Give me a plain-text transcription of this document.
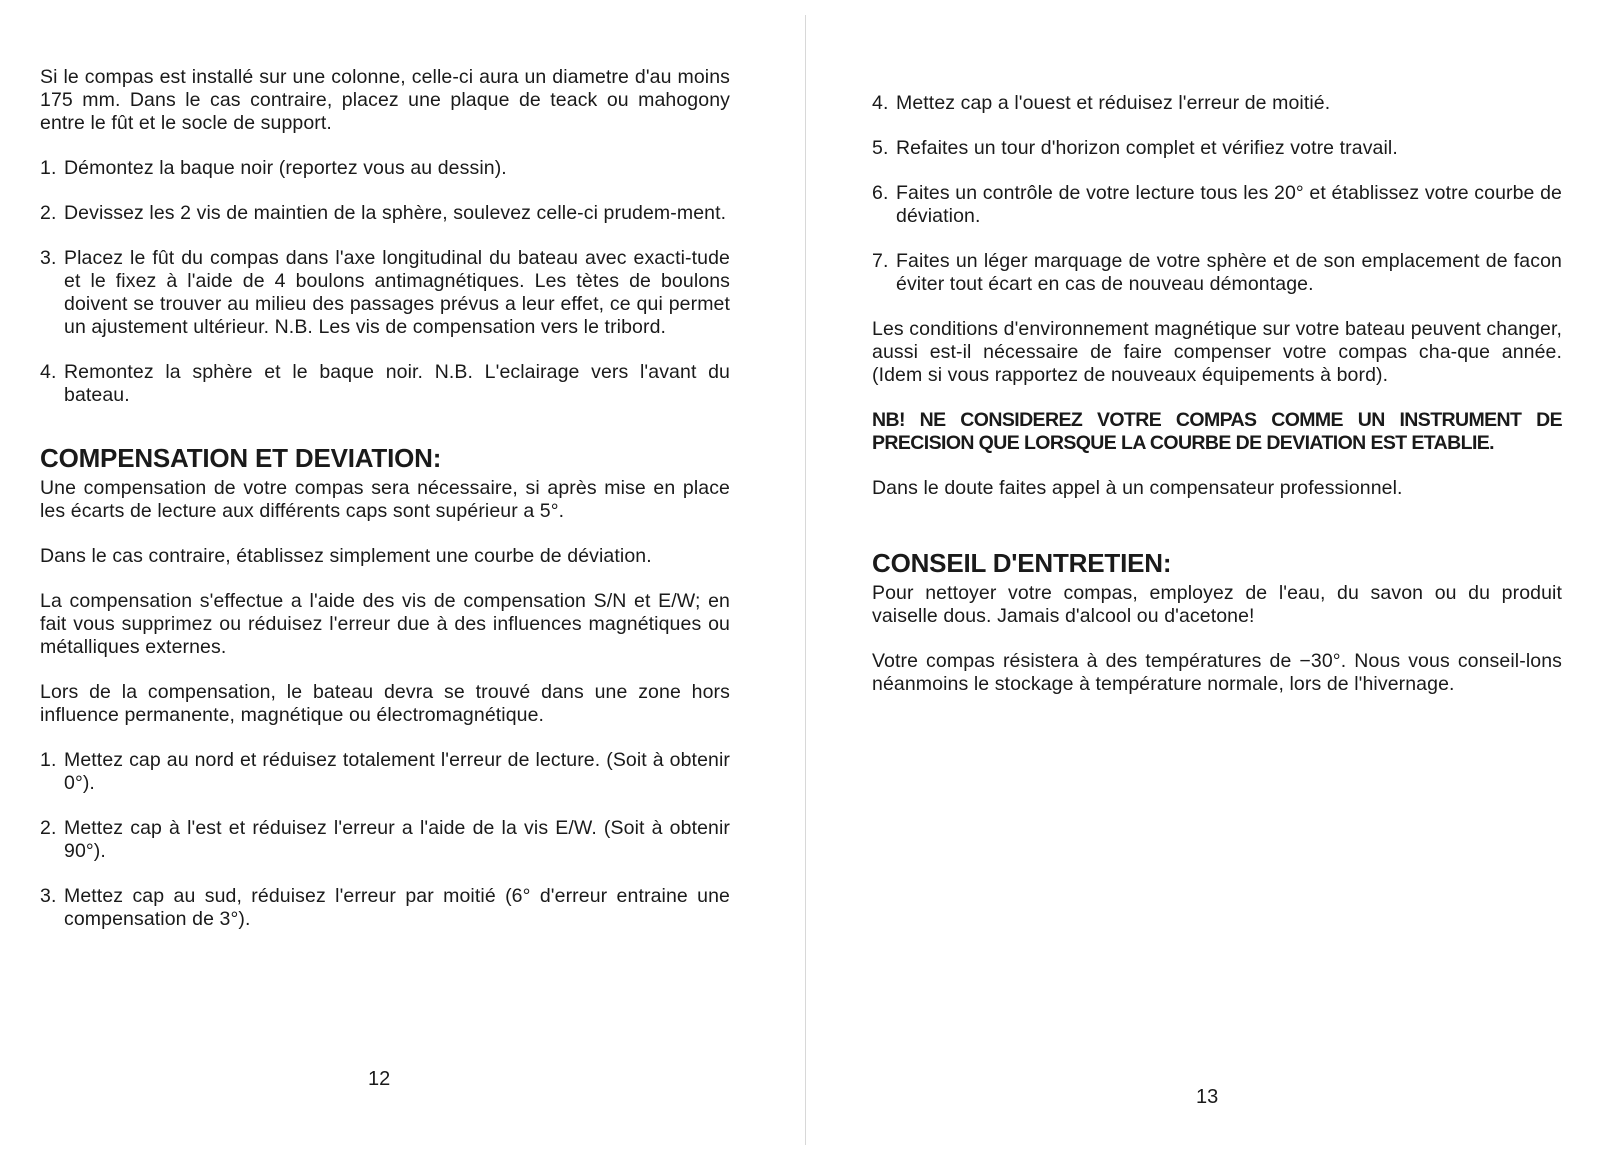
Si le compas est installé sur une colonne, celle-ci aura un diametre d'au moins 175 mm. Dans le cas contraire, placez une plaque de teack ou mahogony entre le fût et le socle de support.

1. Démontez la baque noir (reportez vous au dessin).
2. Devissez les 2 vis de maintien de la sphère, soulevez celle-ci prudem-ment.
3. Placez le fût du compas dans l'axe longitudinal du bateau avec exacti-tude et le fixez à l'aide de 4 boulons antimagnétiques. Les tètes de boulons doivent se trouver au milieu des passages prévus a leur effet, ce qui permet un ajustement ultérieur. N.B. Les vis de compensation vers le tribord.
4. Remontez la sphère et le baque noir. N.B. L'eclairage vers l'avant du bateau.
COMPENSATION ET DEVIATION:

Une compensation de votre compas sera nécessaire, si après mise en place les écarts de lecture aux différents caps sont supérieur a 5°.

Dans le cas contraire, établissez simplement une courbe de déviation.

La compensation s'effectue a l'aide des vis de compensation S/N et E/W; en fait vous supprimez ou réduisez l'erreur due à des influences magnétiques ou métalliques externes.

Lors de la compensation, le bateau devra se trouvé dans une zone hors influence permanente, magnétique ou électromagnétique.

1. Mettez cap au nord et réduisez totalement l'erreur de lecture. (Soit à obtenir 0°).
2. Mettez cap à l'est et réduisez l'erreur a l'aide de la vis E/W. (Soit à obtenir 90°).
3. Mettez cap au sud, réduisez l'erreur par moitié (6° d'erreur entraine une compensation de 3°).
12
4. Mettez cap a l'ouest et réduisez l'erreur de moitié.
5. Refaites un tour d'horizon complet et vérifiez votre travail.
6. Faites un contrôle de votre lecture tous les 20° et établissez votre courbe de déviation.
7. Faites un léger marquage de votre sphère et de son emplacement de facon éviter tout écart en cas de nouveau démontage.

Les conditions d'environnement magnétique sur votre bateau peuvent changer, aussi est-il nécessaire de faire compenser votre compas cha-que année. (Idem si vous rapportez de nouveaux équipements à bord).

NB! NE CONSIDEREZ VOTRE COMPAS COMME UN INSTRUMENT DE PRECISION QUE LORSQUE LA COURBE DE DEVIATION EST ETABLIE.

Dans le doute faites appel à un compensateur professionnel.

CONSEIL D'ENTRETIEN:

Pour nettoyer votre compas, employez de l'eau, du savon ou du produit vaiselle dous. Jamais d'alcool ou d'acetone!

Votre compas résistera à des températures de −30°. Nous vous conseil-lons néanmoins le stockage à température normale, lors de l'hivernage.

13
